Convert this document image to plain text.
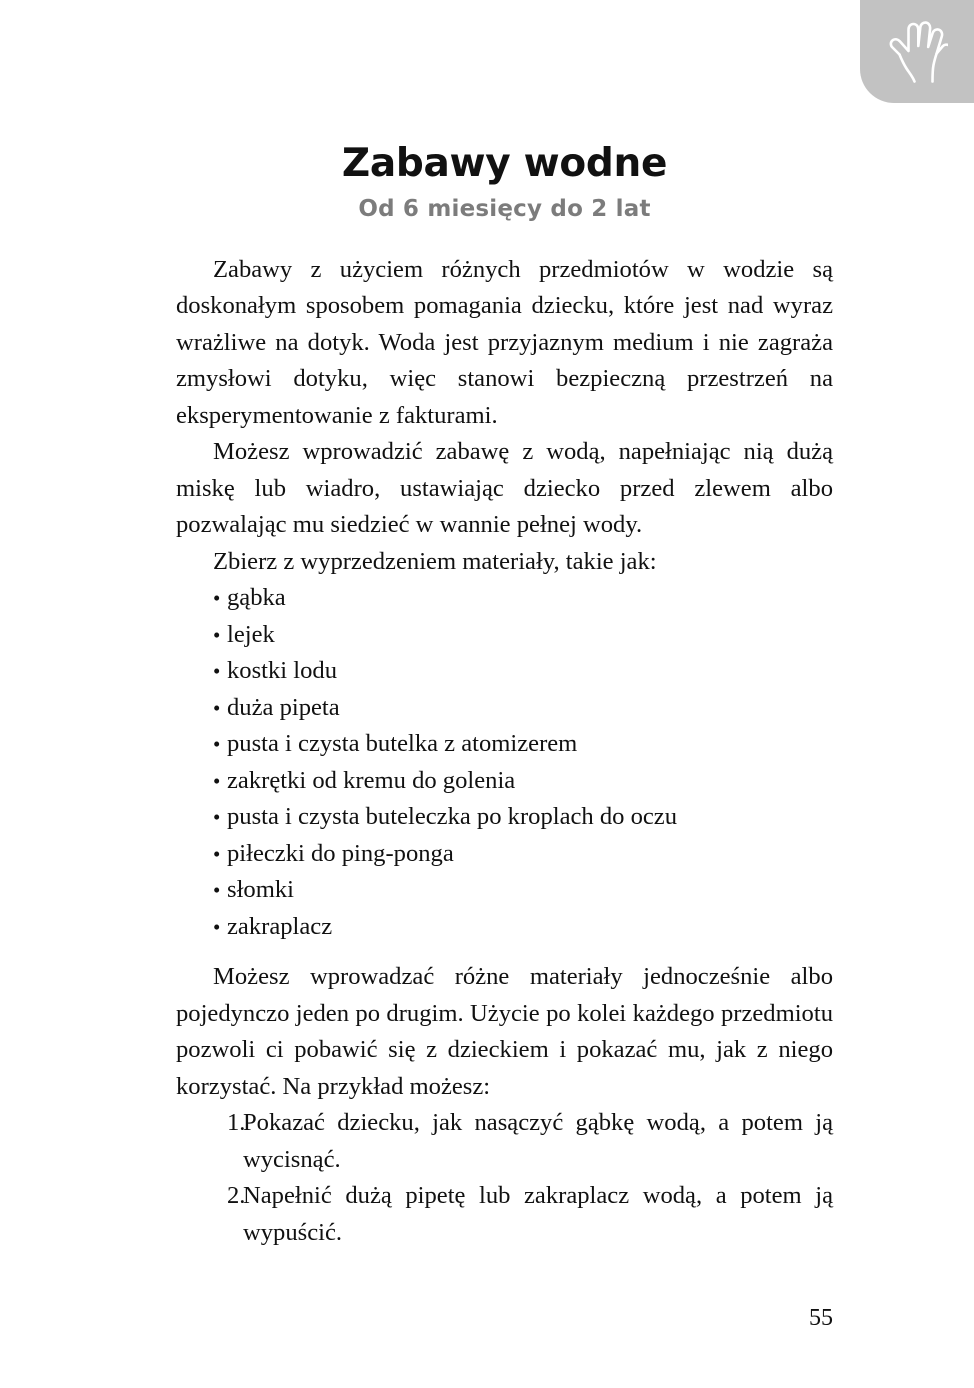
Zabawy wodne
Od 6 miesięcy do 2 lat

Zabawy z użyciem różnych przedmiotów w wodzie są doskonałym sposobem pomagania dziecku, które jest nad wyraz wrażliwe na dotyk. Woda jest przyjaznym medium i nie zagraża zmysłowi dotyku, więc stanowi bezpieczną przestrzeń na eksperymentowanie z fakturami.

Możesz wprowadzić zabawę z wodą, napełniając nią dużą miskę lub wiadro, ustawiając dziecko przed zlewem albo pozwalając mu siedzieć w wannie pełnej wody.

Zbierz z wyprzedzeniem materiały, takie jak:

• gąbka
• lejek
• kostki lodu
• duża pipeta
• pusta i czysta butelka z atomizerem
• zakrętki od kremu do golenia
• pusta i czysta buteleczka po kroplach do oczu
• piłeczki do ping-ponga
• słomki
• zakraplacz

Możesz wprowadzać różne materiały jednocześnie albo pojedynczo jeden po drugim. Użycie po kolei każdego przedmiotu pozwoli ci pobawić się z dzieckiem i pokazać mu, jak z niego korzystać. Na przykład możesz:

Pokazać dziecku, jak nasączyć gąbkę wodą, a potem ją wycisnąć.
Napełnić dużą pipetę lub zakraplacz wodą, a potem ją wypuścić.
55
